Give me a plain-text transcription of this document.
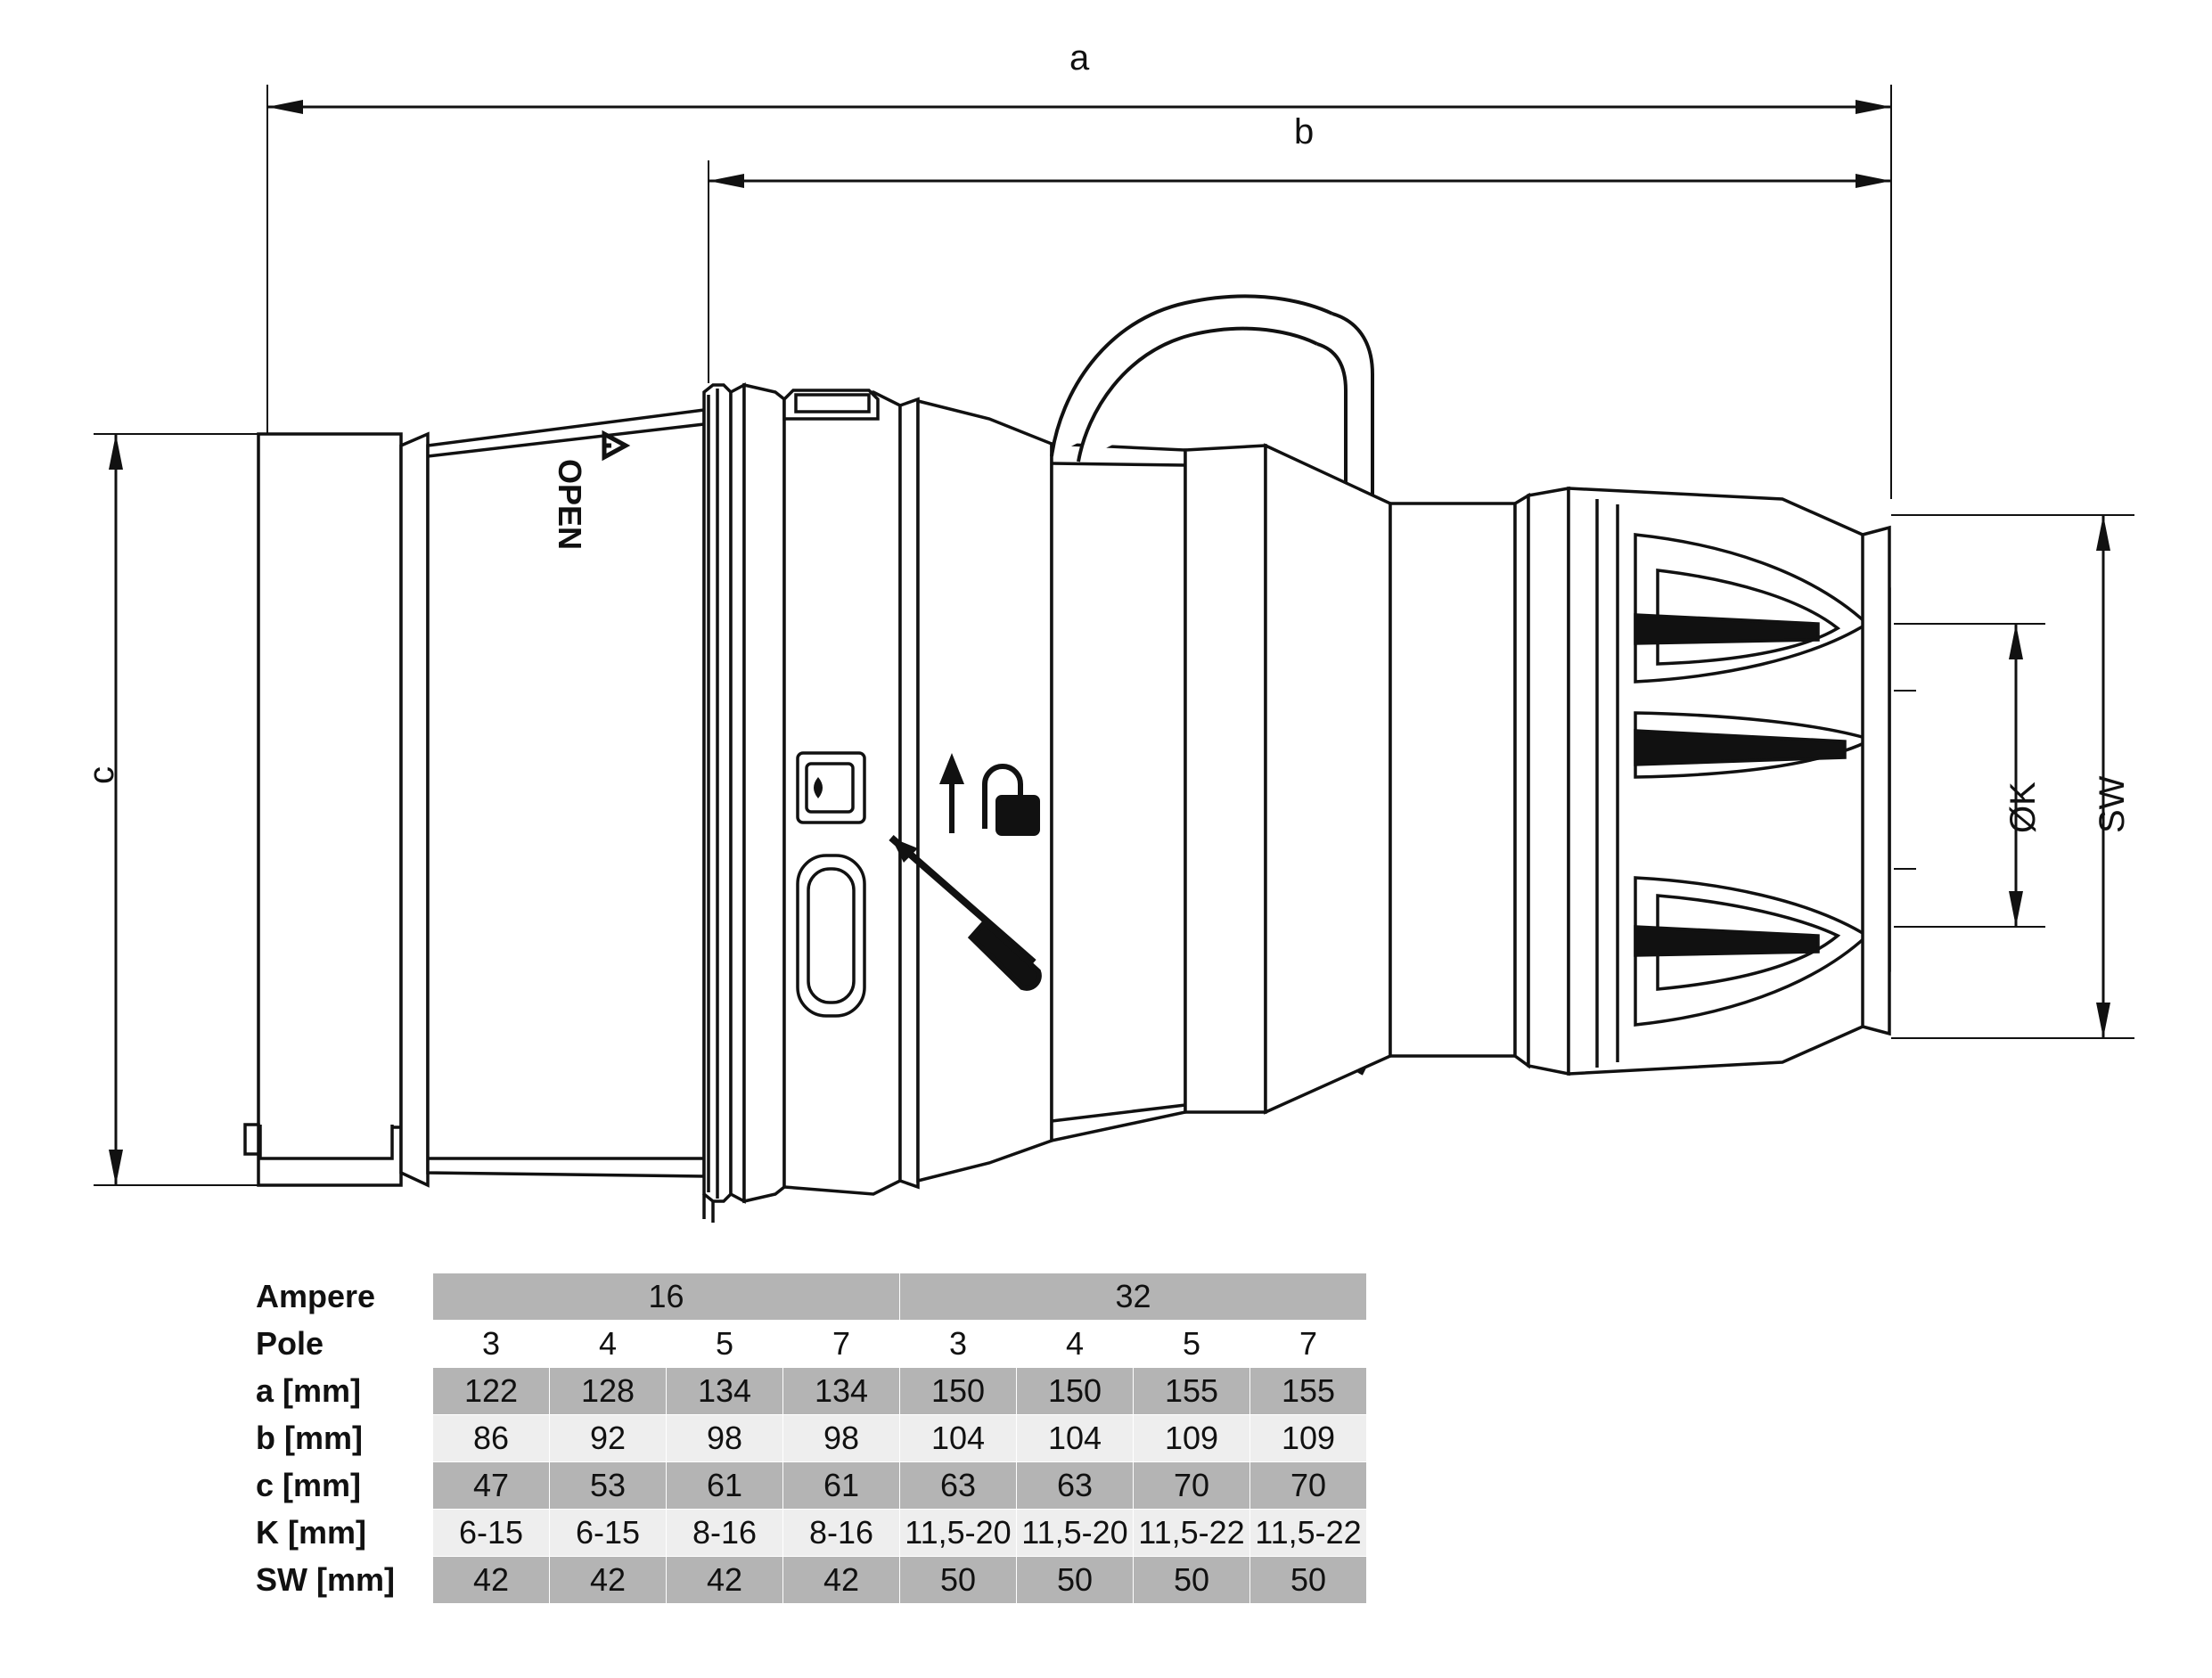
a
b
c
ØK SW
OPEN
Ampere	16				32			
Pole	3	4	5	7	3	4	5	7
a [mm]	122	128	134	134	150	150	155	155
b [mm]	86	92	98	98	104	104	109	109
c [mm]	47	53	61	61	63	63	70	70
K [mm]	6-15	6-15	8-16	8-16	11,5-20	11,5-20	11,5-22	11,5-22
SW [mm]	42	42	42	42	50	50	50	50
